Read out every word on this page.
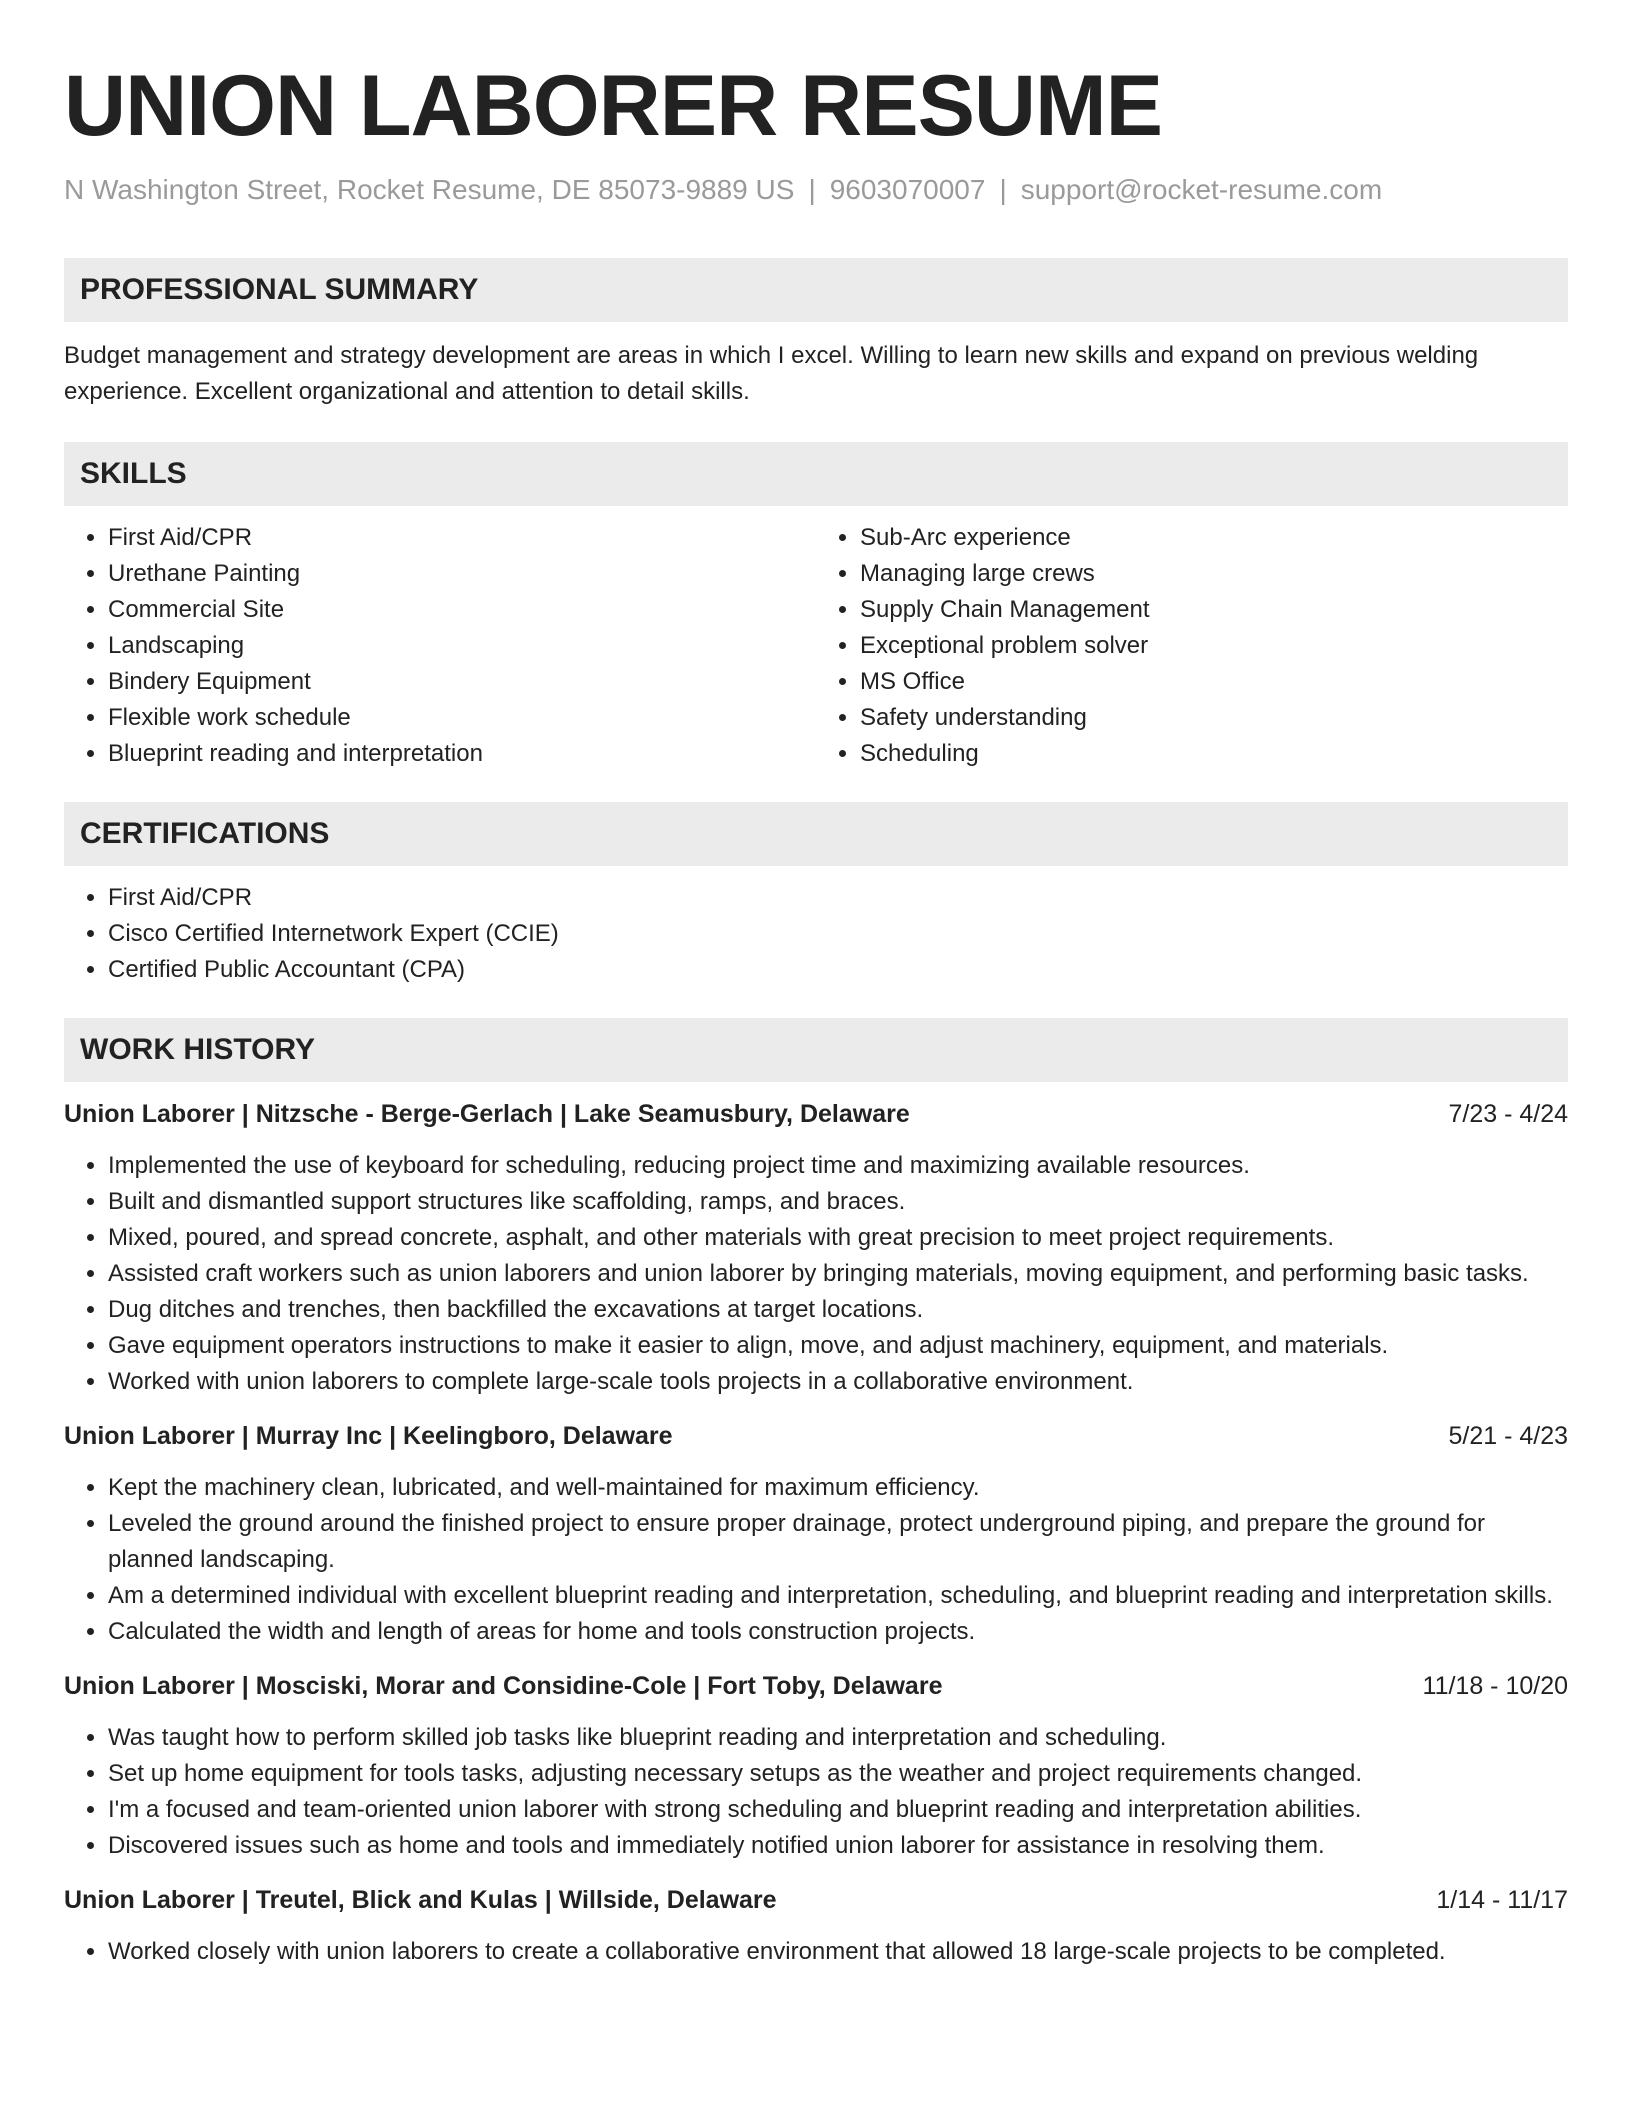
UNION LABORER RESUME
N Washington Street, Rocket Resume, DE 85073-9889 US | 9603070007 | support@rocket-resume.com
PROFESSIONAL SUMMARY

Budget management and strategy development are areas in which I excel. Willing to learn new skills and expand on previous welding experience. Excellent organizational and attention to detail skills.

SKILLS
• First Aid/CPR
• Urethane Painting
• Commercial Site
• Landscaping
• Bindery Equipment
• Flexible work schedule
• Blueprint reading and interpretation
• Sub-Arc experience
• Managing large crews
• Supply Chain Management
• Exceptional problem solver
• MS Office
• Safety understanding
• Scheduling
CERTIFICATIONS
• First Aid/CPR
• Cisco Certified Internetwork Expert (CCIE)
• Certified Public Accountant (CPA)
WORK HISTORY
Union Laborer | Nitzsche - Berge-Gerlach | Lake Seamusbury, Delaware	7/23 - 4/24
• Implemented the use of keyboard for scheduling, reducing project time and maximizing available resources.
• Built and dismantled support structures like scaffolding, ramps, and braces.
• Mixed, poured, and spread concrete, asphalt, and other materials with great precision to meet project requirements.
• Assisted craft workers such as union laborers and union laborer by bringing materials, moving equipment, and performing basic tasks.
• Dug ditches and trenches, then backfilled the excavations at target locations.
• Gave equipment operators instructions to make it easier to align, move, and adjust machinery, equipment, and materials.
• Worked with union laborers to complete large-scale tools projects in a collaborative environment.
Union Laborer | Murray Inc | Keelingboro, Delaware	5/21 - 4/23
• Kept the machinery clean, lubricated, and well-maintained for maximum efficiency.
• Leveled the ground around the finished project to ensure proper drainage, protect underground piping, and prepare the ground for planned landscaping.
• Am a determined individual with excellent blueprint reading and interpretation, scheduling, and blueprint reading and interpretation skills.
• Calculated the width and length of areas for home and tools construction projects.
Union Laborer | Mosciski, Morar and Considine-Cole | Fort Toby, Delaware	11/18 - 10/20
• Was taught how to perform skilled job tasks like blueprint reading and interpretation and scheduling.
• Set up home equipment for tools tasks, adjusting necessary setups as the weather and project requirements changed.
• I'm a focused and team-oriented union laborer with strong scheduling and blueprint reading and interpretation abilities.
• Discovered issues such as home and tools and immediately notified union laborer for assistance in resolving them.
Union Laborer | Treutel, Blick and Kulas | Willside, Delaware	1/14 - 11/17
• Worked closely with union laborers to create a collaborative environment that allowed 18 large-scale projects to be completed.
